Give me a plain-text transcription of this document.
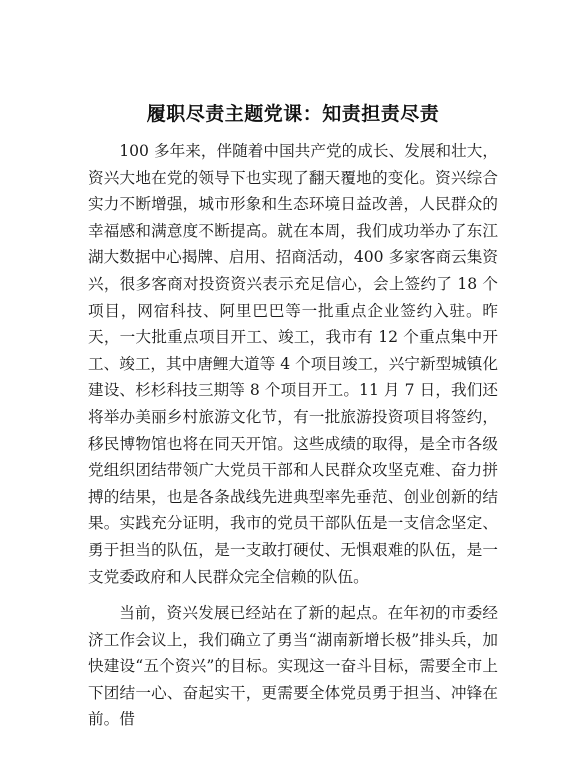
履职尽责主题党课：知责担责尽责

100 多年来，伴随着中国共产党的成长、发展和壮大，资兴大地在党的领导下也实现了翻天覆地的变化。资兴综合实力不断增强，城市形象和生态环境日益改善，人民群众的幸福感和满意度不断提高。就在本周，我们成功举办了东江湖大数据中心揭牌、启用、招商活动，400 多家客商云集资兴，很多客商对投资资兴表示充足信心，会上签约了 18 个项目，网宿科技、阿里巴巴等一批重点企业签约入驻。昨天，一大批重点项目开工、竣工，我市有 12 个重点集中开工、竣工，其中唐鲤大道等 4 个项目竣工，兴宁新型城镇化建设、杉杉科技三期等 8 个项目开工。11 月 7 日，我们还将举办美丽乡村旅游文化节，有一批旅游投资项目将签约，移民博物馆也将在同天开馆。这些成绩的取得，是全市各级党组织团结带领广大党员干部和人民群众攻坚克难、奋力拼搏的结果，也是各条战线先进典型率先垂范、创业创新的结果。实践充分证明，我市的党员干部队伍是一支信念坚定、勇于担当的队伍，是一支敢打硬仗、无惧艰难的队伍，是一支党委政府和人民群众完全信赖的队伍。

当前，资兴发展已经站在了新的起点。在年初的市委经济工作会议上，我们确立了勇当“湖南新增长极”排头兵，加快建设“五个资兴”的目标。实现这一奋斗目标，需要全市上下团结一心、奋起实干，更需要全体党员勇于担当、冲锋在前。借
